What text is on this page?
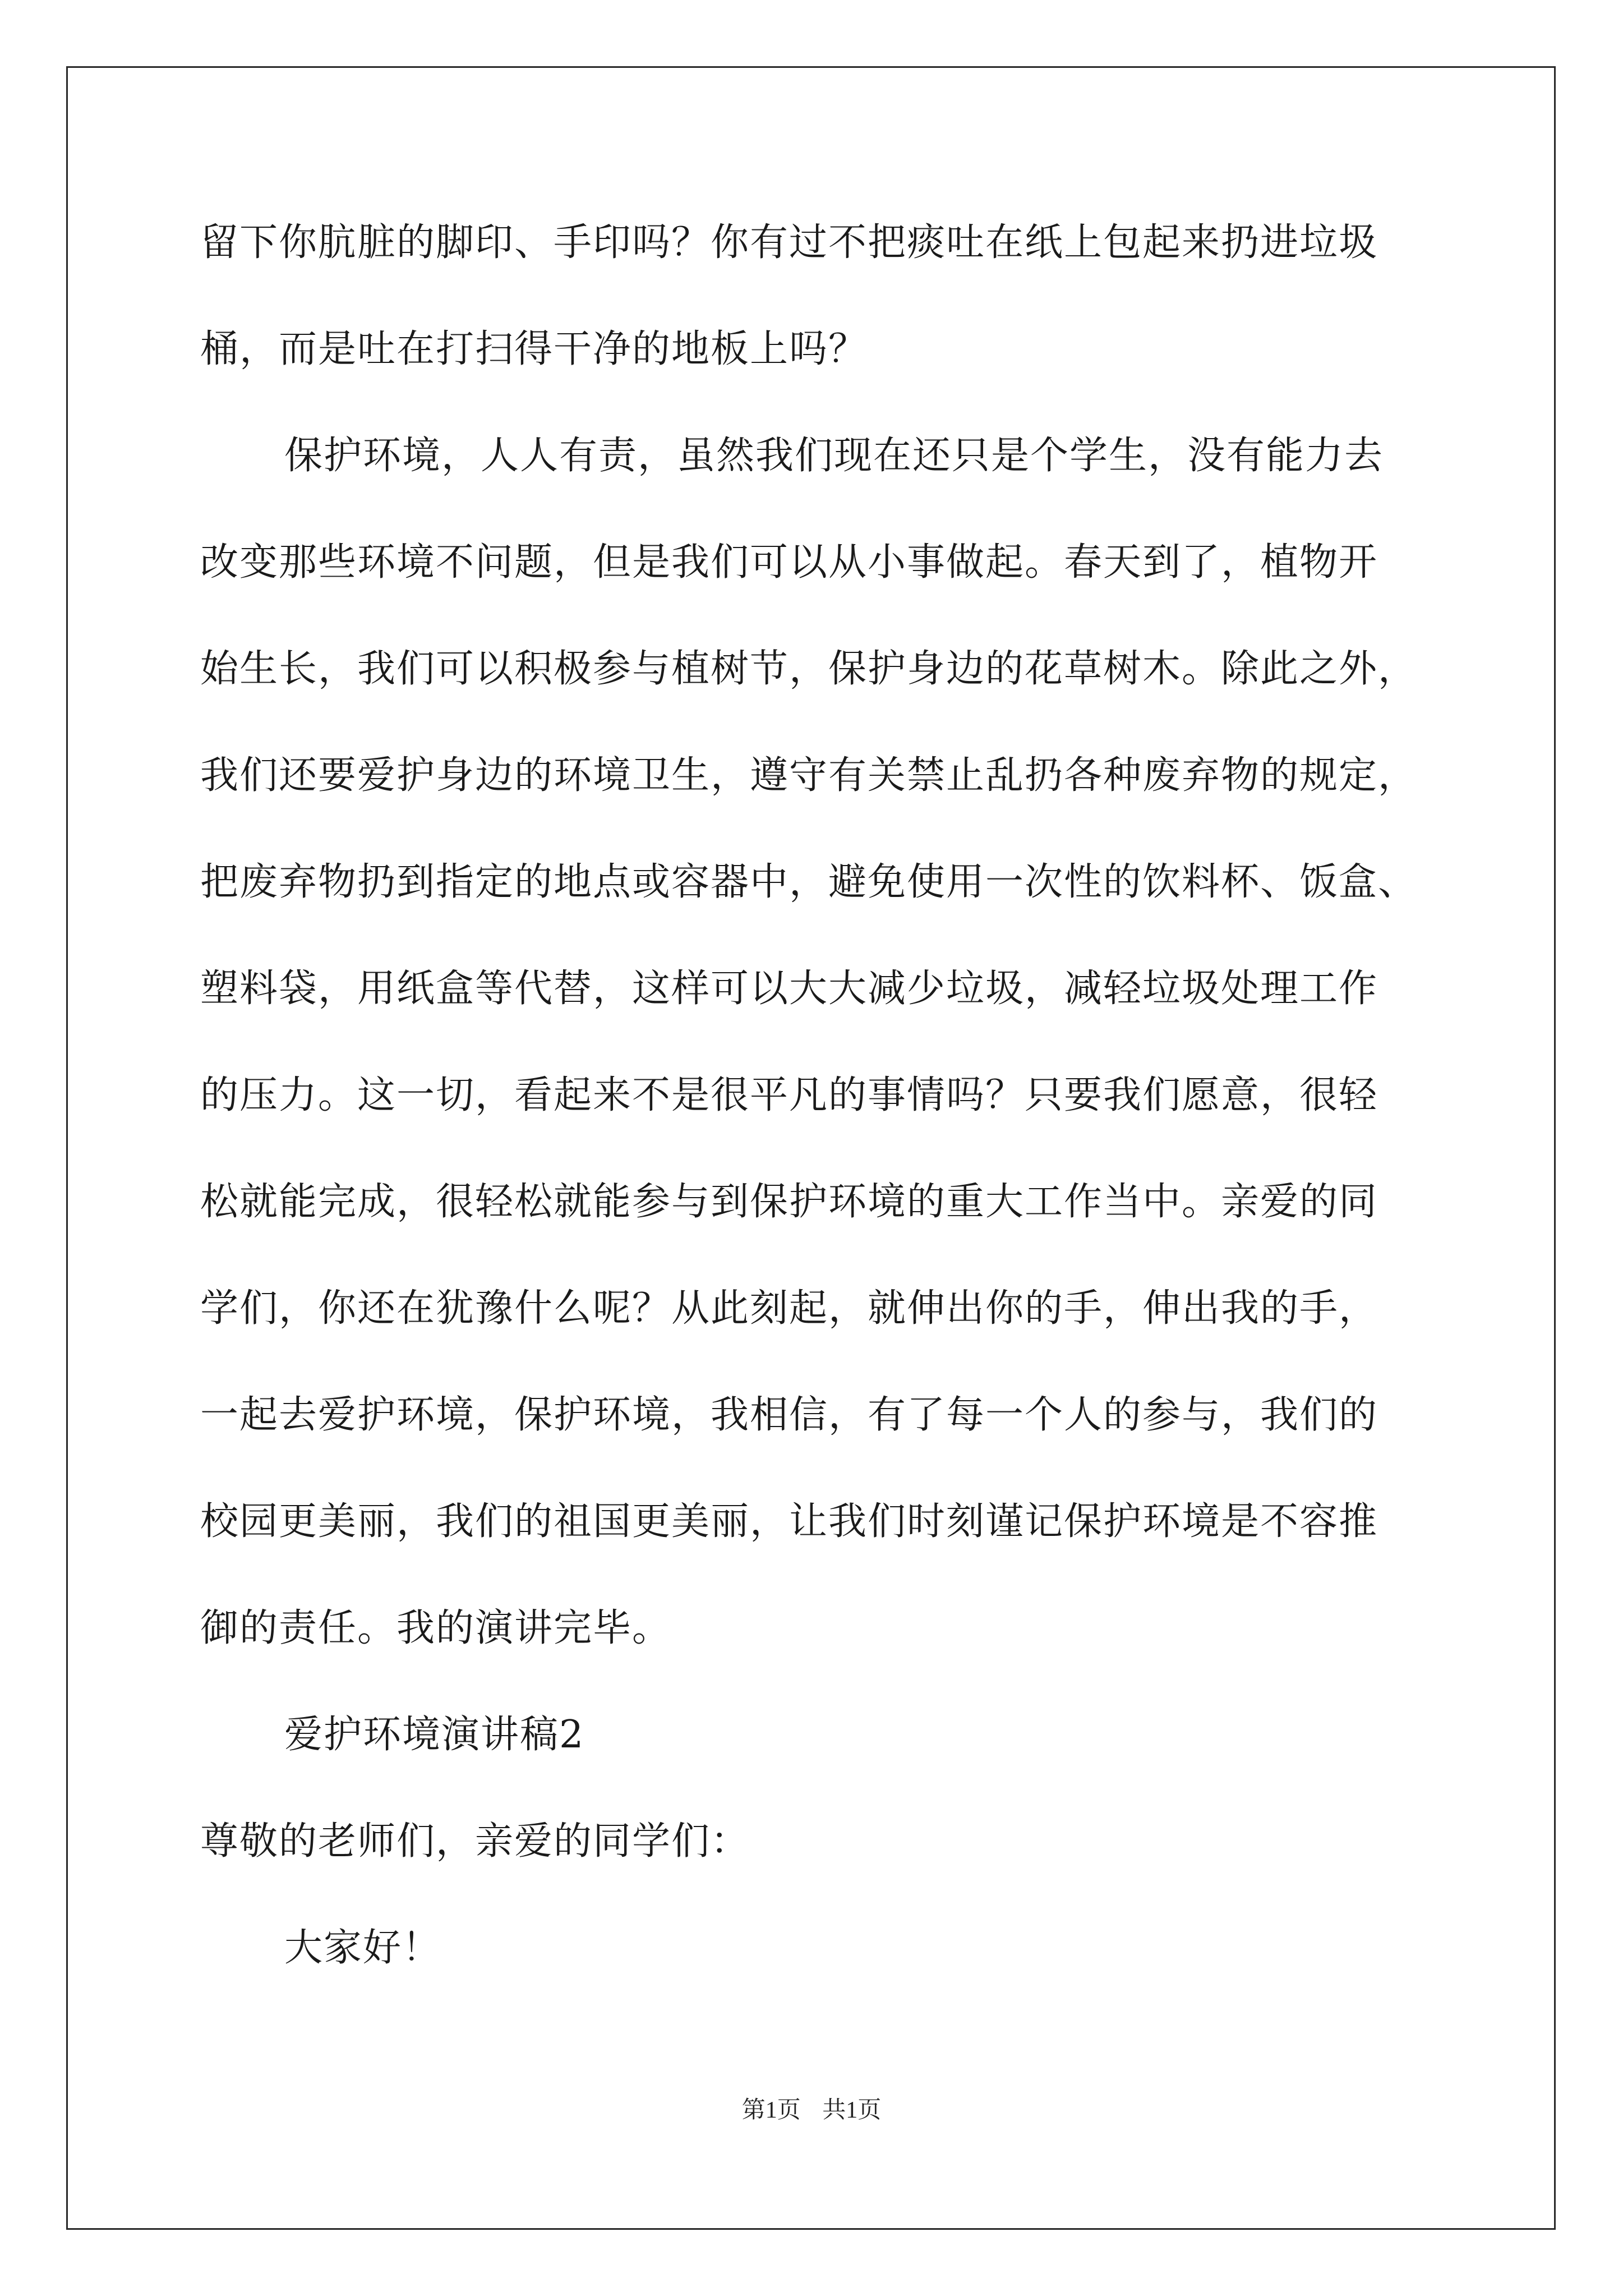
留下你肮脏的脚印、手印吗？你有过不把痰吐在纸上包起来扔进垃圾
桶，而是吐在打扫得干净的地板上吗？
保护环境，人人有责，虽然我们现在还只是个学生，没有能力去
改变那些环境不问题，但是我们可以从小事做起。春天到了，植物开
始生长，我们可以积极参与植树节，保护身边的花草树木。除此之外，
我们还要爱护身边的环境卫生，遵守有关禁止乱扔各种废弃物的规定，
把废弃物扔到指定的地点或容器中，避免使用一次性的饮料杯、饭盒、
塑料袋，用纸盒等代替，这样可以大大减少垃圾，减轻垃圾处理工作
的压力。这一切，看起来不是很平凡的事情吗？只要我们愿意，很轻
松就能完成，很轻松就能参与到保护环境的重大工作当中。亲爱的同
学们，你还在犹豫什么呢？从此刻起，就伸出你的手，伸出我的手，
一起去爱护环境，保护环境，我相信，有了每一个人的参与，我们的
校园更美丽，我们的祖国更美丽，让我们时刻谨记保护环境是不容推
御的责任。我的演讲完毕。
爱护环境演讲稿2
尊敬的老师们，亲爱的同学们：
大家好！
第1页 共1页
